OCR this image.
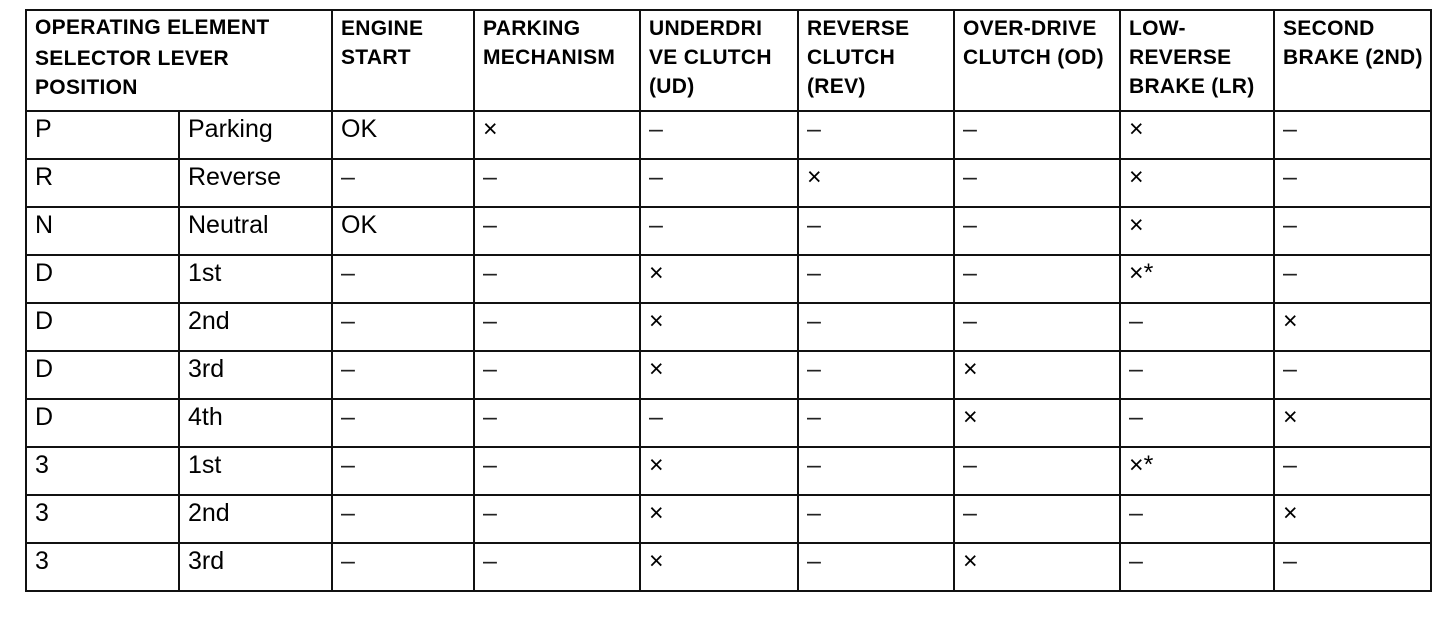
OPERATING ELEMENT		ENGINE START	PARKING MECHANISM	UNDERDRI VE CLUTCH (UD)	REVERSE CLUTCH (REV)	OVER-DRIVE CLUTCH (OD)	LOW-REVERSE BRAKE (LR)	SECOND BRAKE (2ND)
SELECTOR LEVER POSITION								
P	Parking	OK	×	–	–	–	×	–
R	Reverse	–	–	–	×	–	×	–
N	Neutral	OK	–	–	–	–	×	–
D	1st	–	–	×	–	–	×*	–
D	2nd	–	–	×	–	–	–	×
D	3rd	–	–	×	–	×	–	–
D	4th	–	–	–	–	×	–	×
3	1st	–	–	×	–	–	×*	–
3	2nd	–	–	×	–	–	–	×
3	3rd	–	–	×	–	×	–	–
